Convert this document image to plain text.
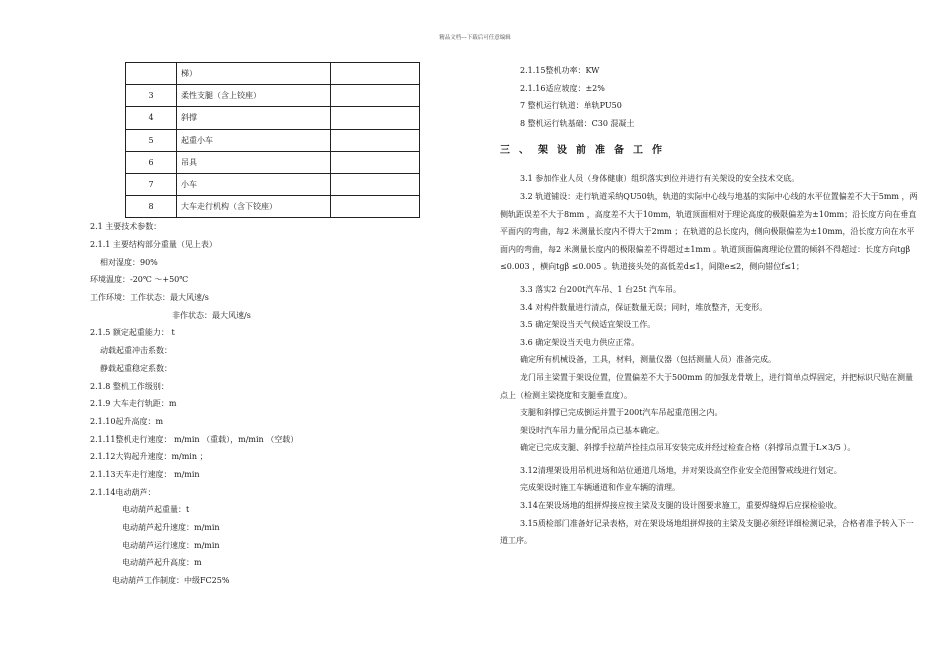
精品文档---下载后可任意编辑
	梯）	
3	柔性支腿（含上铰座）	
4	斜撑	
5	起重小车	
6	吊具	
7	小车	
8	大车走行机构（含下铰座）	
2.1 主要技术参数：
2.1.1 主要结构部分重量（见上表）
相对湿度：90%
环境温度：-20℃ ～+50℃
工作环境：工作状态：最大风速/s
非作状态：最大风速/s
2.1.5 额定起重能力： t
动载起重冲击系数：
静载起重稳定系数：
2.1.8 整机工作级别：
2.1.9 大车走行轨距：m
2.1.10起升高度：m
2.1.11整机走行速度： m/min （重载），m/min （空载）
2.1.12大钩起升速度：m/min ；
2.1.13天车走行速度： m/min
2.1.14电动葫芦：
电动葫芦起重量：t
电动葫芦起升速度：m/min
电动葫芦运行速度：m/min
电动葫芦起升高度：m
电动葫芦工作制度：中级FC25%
2.1.15整机功率：KW
2.1.16适应坡度：±2%
7 整机运行轨道：单轨PU50
8 整机运行轨基础：C30 混凝土
三、架设前准备工作
3.1 参加作业人员（身体健康）组织落实到位并进行有关架设的安全技术交底。
3.2 轨道铺设：走行轨道采纳QU50轨，轨道的实际中心线与地基的实际中心线的水平位置偏差不大于5mm ，两侧轨距误差不大于8mm ，高度差不大于10mm，轨道顶面相对于理论高度的极限偏差为±10mm；沿长度方向在垂直平面内的弯曲，每2 米测量长度内不得大于2mm ；在轨道的总长度内，侧向极限偏差为±10mm，沿长度方向在水平面内的弯曲，每2 米测量长度内的极限偏差不得超过±1mm 。轨道顶面偏离理论位置的倾斜不得超过：长度方向tgβ ≤0.003 ，横向tgβ ≤0.005 。轨道接头处的高低差d≤1，间隙e≤2，侧向错位f≤1；
3.3 落实2 台200t汽车吊、1 台25t 汽车吊。
3.4 对构件数量进行清点，保证数量无误；同时，堆放整齐，无变形。
3.5 确定架设当天气候适宜架设工作。
3.6 确定架设当天电力供应正常。
确定所有机械设备，工具，材料，测量仪器（包括测量人员）准备完成。
龙门吊主梁置于架设位置，位置偏差不大于500mm 的加强龙骨墩上，进行简单点焊固定，并把标识尺贴在测量点上（检测主梁挠度和支腿垂直度）。
支腿和斜撑已完成倒运并置于200t汽车吊起重范围之内。
架设时汽车吊力量分配吊点已基本确定。
确定已完成支腿、斜撑手拉葫芦拴挂点吊耳安装完成并经过检查合格（斜撑吊点置于L×3/5 ）。
3.12清理架设用吊机进场和站位通道几场地，并对架设高空作业安全范围警戒线进行划定。
完成架设时施工车辆通道和作业车辆的清理。
3.14在架设场地的组拼焊接应按主梁及支腿的设计图要求施工，重要焊缝焊后应探检验收。
3.15质检部门准备好记录表格，对在架设场地组拼焊接的主梁及支腿必须经详细检测记录，合格者准予转入下一道工序。
